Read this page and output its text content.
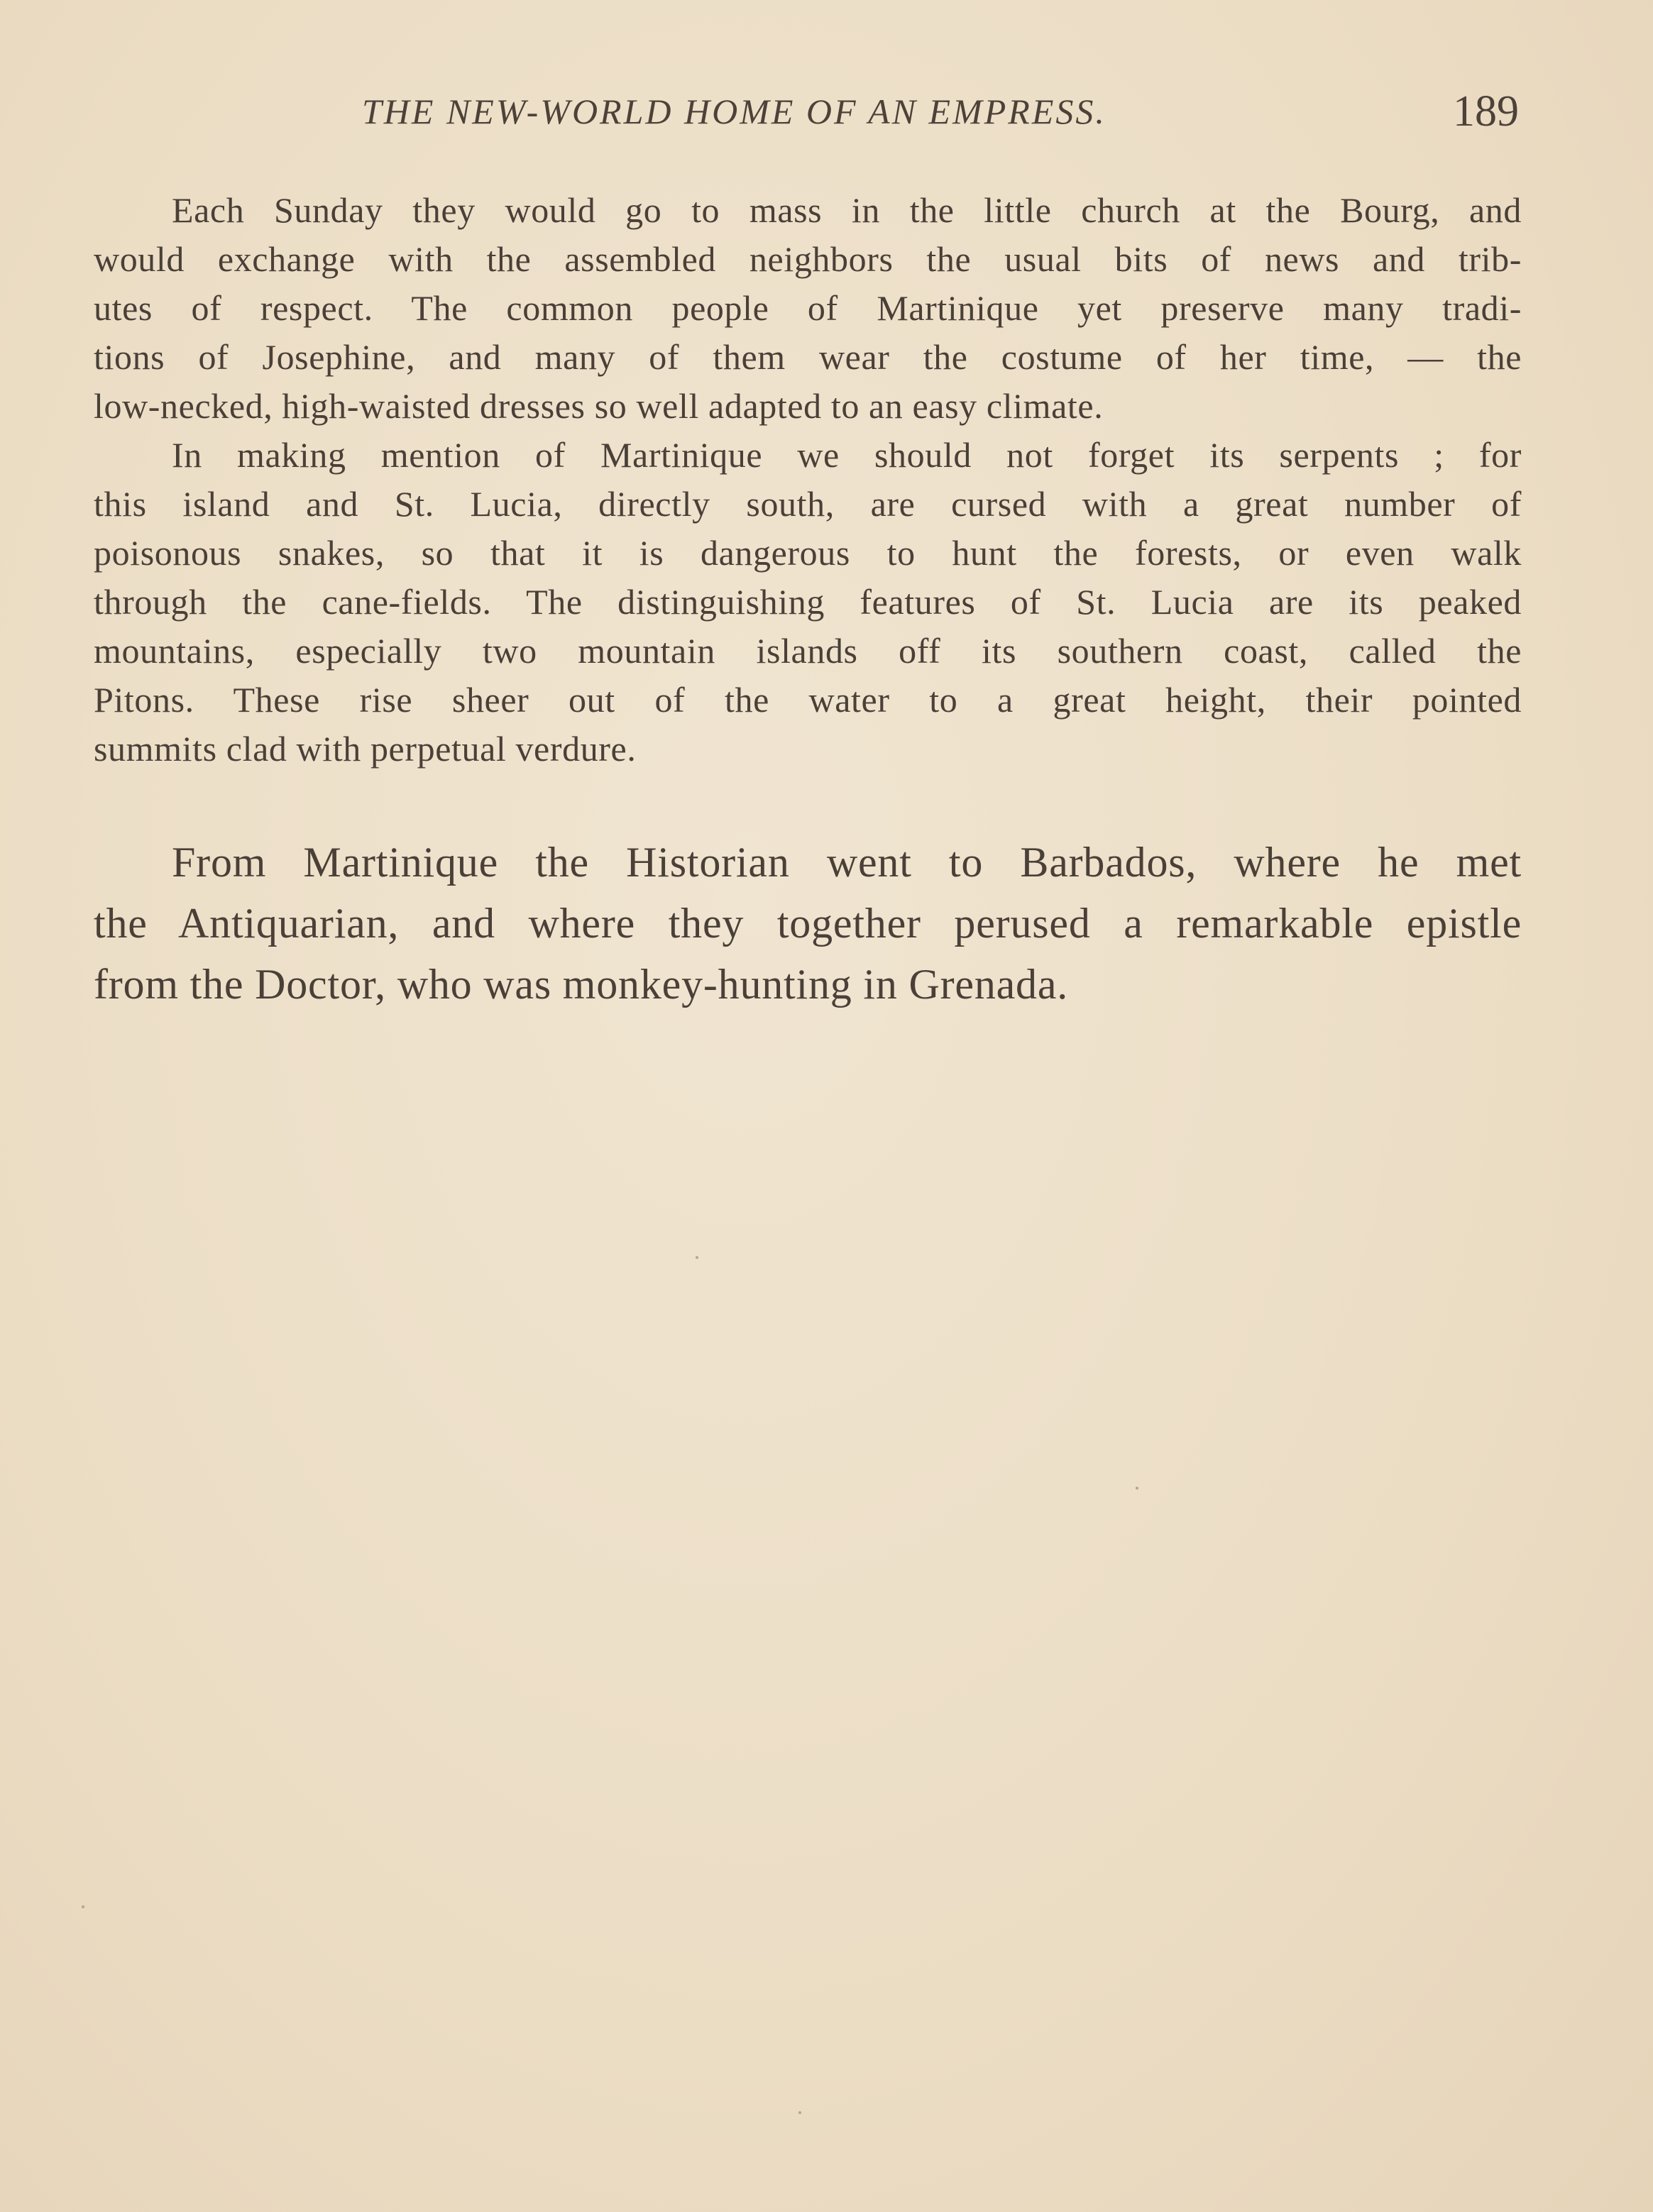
THE NEW-WORLD HOME OF AN EMPRESS.	189
Each Sunday they would go to mass in the little church at the Bourg, and
would exchange with the assembled neighbors the usual bits of news and trib-
utes of respect. The common people of Martinique yet preserve many tradi-
tions of Josephine, and many of them wear the costume of her time, — the
low-necked, high-waisted dresses so well adapted to an easy climate.
In making mention of Martinique we should not forget its serpents ; for
this island and St. Lucia, directly south, are cursed with a great number of
poisonous snakes, so that it is dangerous to hunt the forests, or even walk
through the cane-fields. The distinguishing features of St. Lucia are its peaked
mountains, especially two mountain islands off its southern coast, called the
Pitons. These rise sheer out of the water to a great height, their pointed
summits clad with perpetual verdure.
From Martinique the Historian went to Barbados, where he met
the Antiquarian, and where they together perused a remarkable epistle
from the Doctor, who was monkey-hunting in Grenada.
